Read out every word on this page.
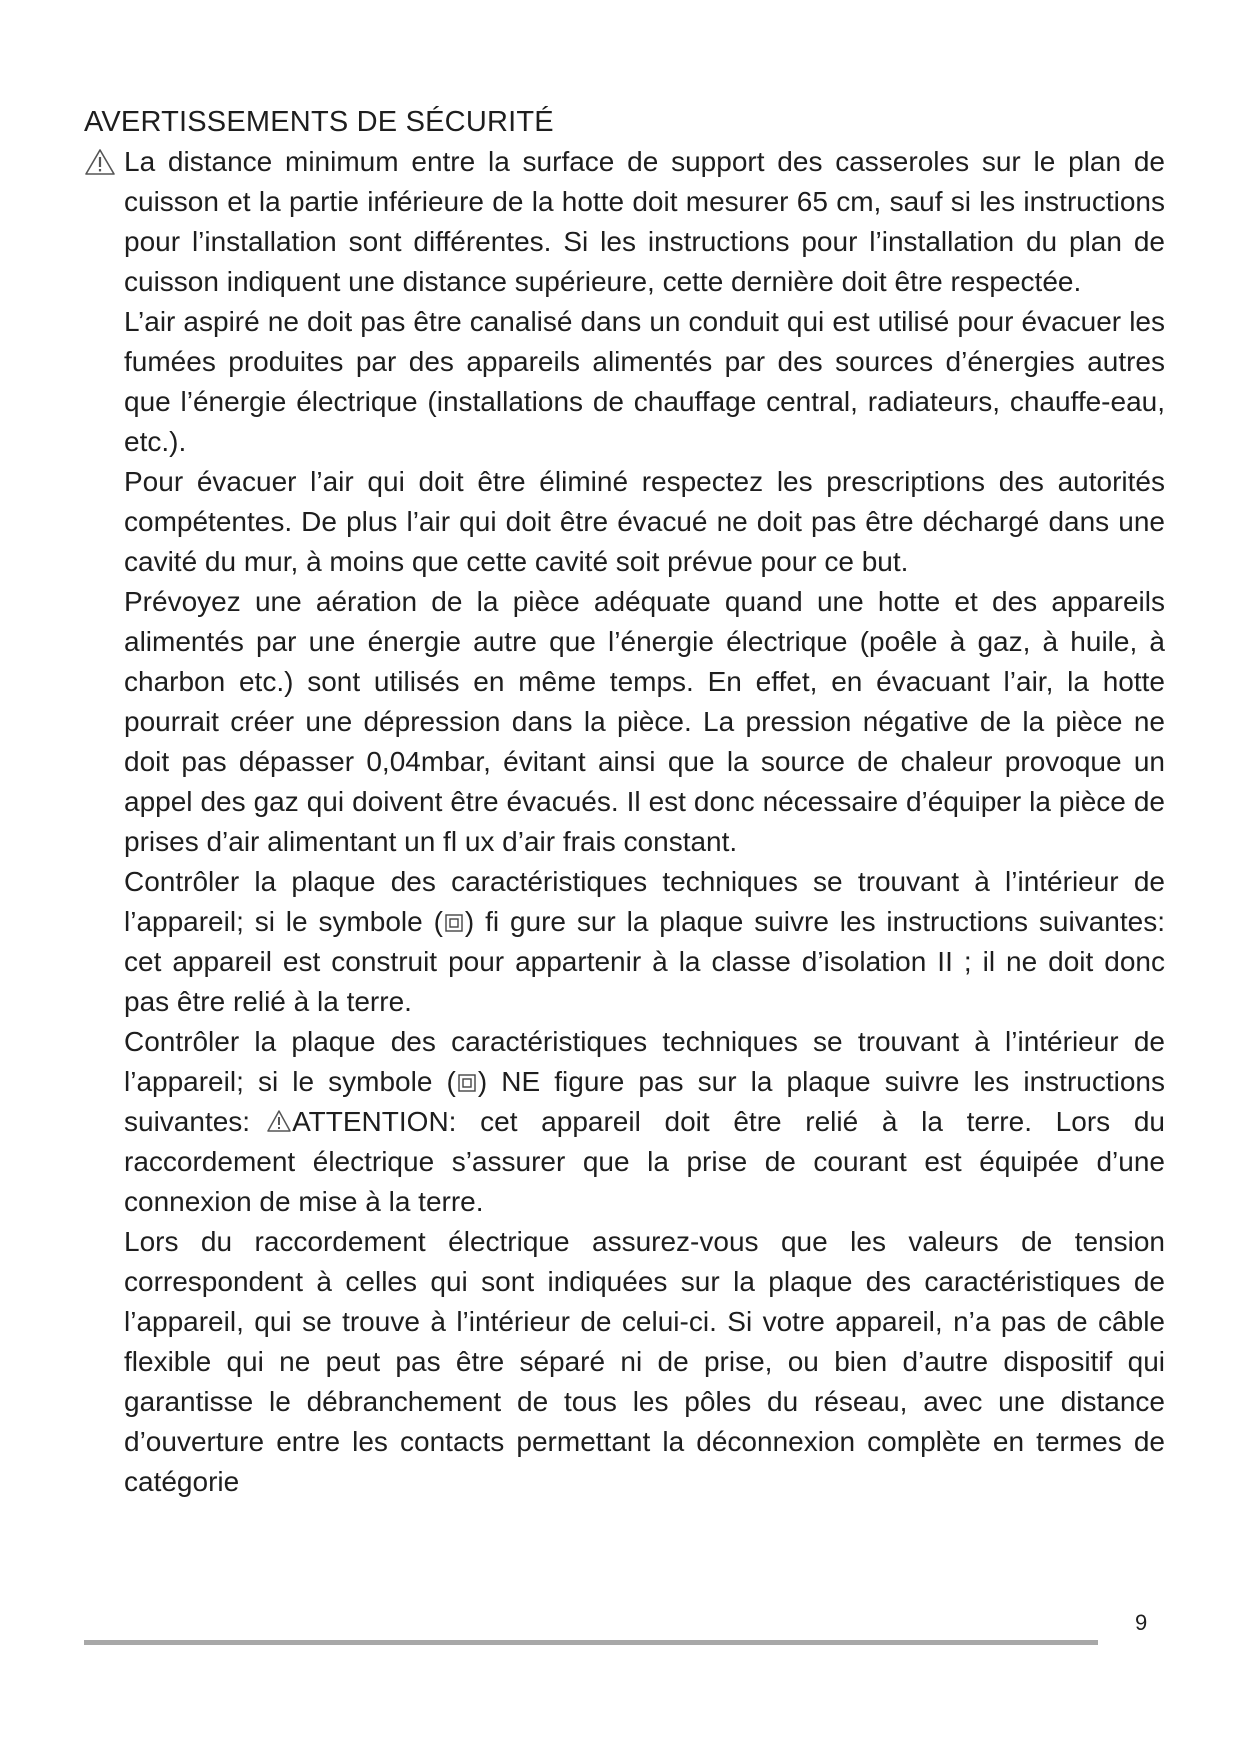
AVERTISSEMENTS DE SÉCURITÉ

La distance minimum entre la surface de support des casseroles sur le plan de cuisson et la partie inférieure de la hotte doit mesurer 65 cm, sauf si les instructions pour l’installation sont différentes. Si les instructions pour l’installation du plan de cuisson indiquent une distance supérieure, cette dernière doit être respectée.

L’air aspiré ne doit pas être canalisé dans un conduit qui est utilisé pour évacuer les fumées produites par des appareils alimentés par des sources d’énergies autres que l’énergie électrique (installations de chauffage central, radiateurs, chauffe-eau, etc.).

Pour évacuer l’air qui doit être éliminé respectez les prescriptions des autorités compétentes. De plus l’air qui doit être évacué ne doit pas être déchargé dans une cavité du mur, à moins que cette cavité soit prévue pour ce but.

Prévoyez une aération de la pièce adéquate quand une hotte et des appareils alimentés par une énergie autre que l’énergie électrique (poêle à gaz, à huile, à charbon etc.) sont utilisés en même temps. En effet, en évacuant l’air, la hotte pourrait créer une dépression dans la pièce. La pression négative de la pièce ne doit pas dépasser 0,04mbar, évitant ainsi que la source de chaleur provoque un appel des gaz qui doivent être évacués. Il est donc nécessaire d’équiper la pièce de prises d’air alimentant un fl ux d’air frais constant.

Contrôler la plaque des caractéristiques techniques se trouvant à l’intérieur de l’appareil; si le symbole ( ) fi gure sur la plaque suivre les instructions suivantes: cet appareil est construit pour appartenir à la classe d’isolation II ; il ne doit donc pas être relié à la terre.

Contrôler la plaque des caractéristiques techniques se trouvant à l’intérieur de l’appareil; si le symbole ( ) NE figure pas sur la plaque suivre les instructions suivantes: ATTENTION: cet appareil doit être relié à la terre. Lors du raccordement électrique s’assurer que la prise de courant est équipée d’une connexion de mise à la terre.

Lors du raccordement électrique assurez-vous que les valeurs de tension correspondent à celles qui sont indiquées sur la plaque des caractéristiques de l’appareil, qui se trouve à l’intérieur de celui-ci. Si votre appareil, n’a pas de câble flexible qui ne peut pas être séparé ni de prise, ou bien d’autre dispositif qui garantisse le débranchement de tous les pôles du réseau, avec une distance d’ouverture entre les contacts permettant la déconnexion complète en termes de catégorie

9
